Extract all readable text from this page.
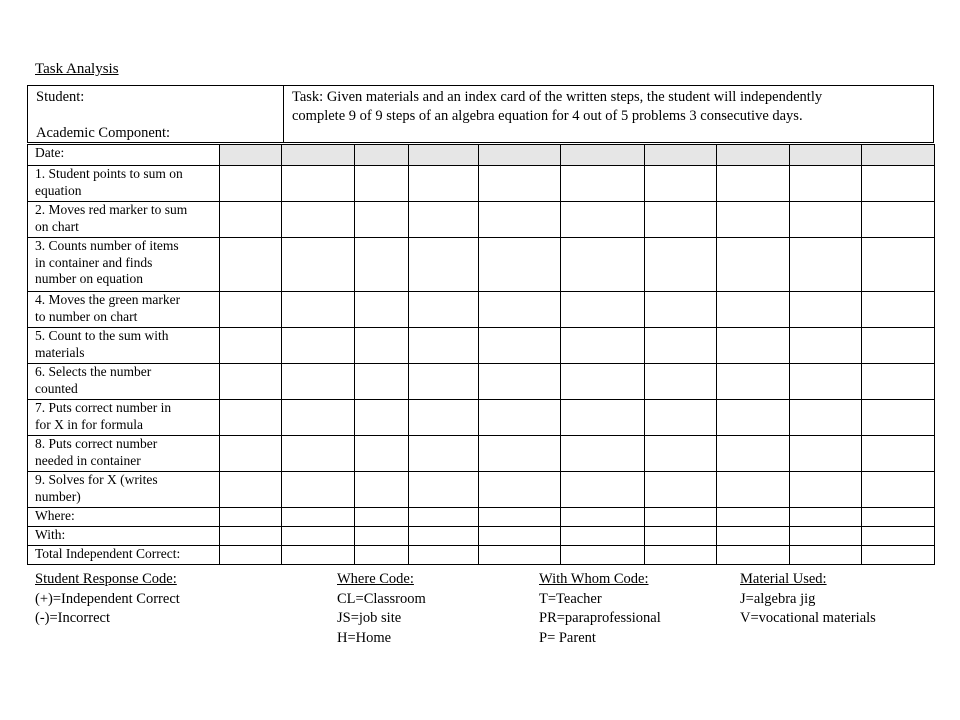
Task Analysis
Student:
Academic Component:
Task: Given materials and an index card of the written steps, the student will independently
complete 9 of 9 steps of an algebra equation for 4 out of 5 problems 3 consecutive days.
Date:										

1. Student points to sum on
equation										

2. Moves red marker to sum
on chart										

3. Counts number of items
in container and finds
number on equation										

4. Moves the green marker
to number on chart										

5. Count to the sum with
materials										

6. Selects the number
counted										

7. Puts correct number in
for X in for formula										

8. Puts correct number
needed in container										

9. Solves for X (writes
number)										

Where:										

With:										

Total Independent Correct:										

Student Response Code:
(+)=Independent Correct
(-)=Incorrect
Where Code:
CL=Classroom
JS=job site
H=Home
With Whom Code:
T=Teacher
PR=paraprofessional
P= Parent
Material Used:
J=algebra jig
V=vocational materials
